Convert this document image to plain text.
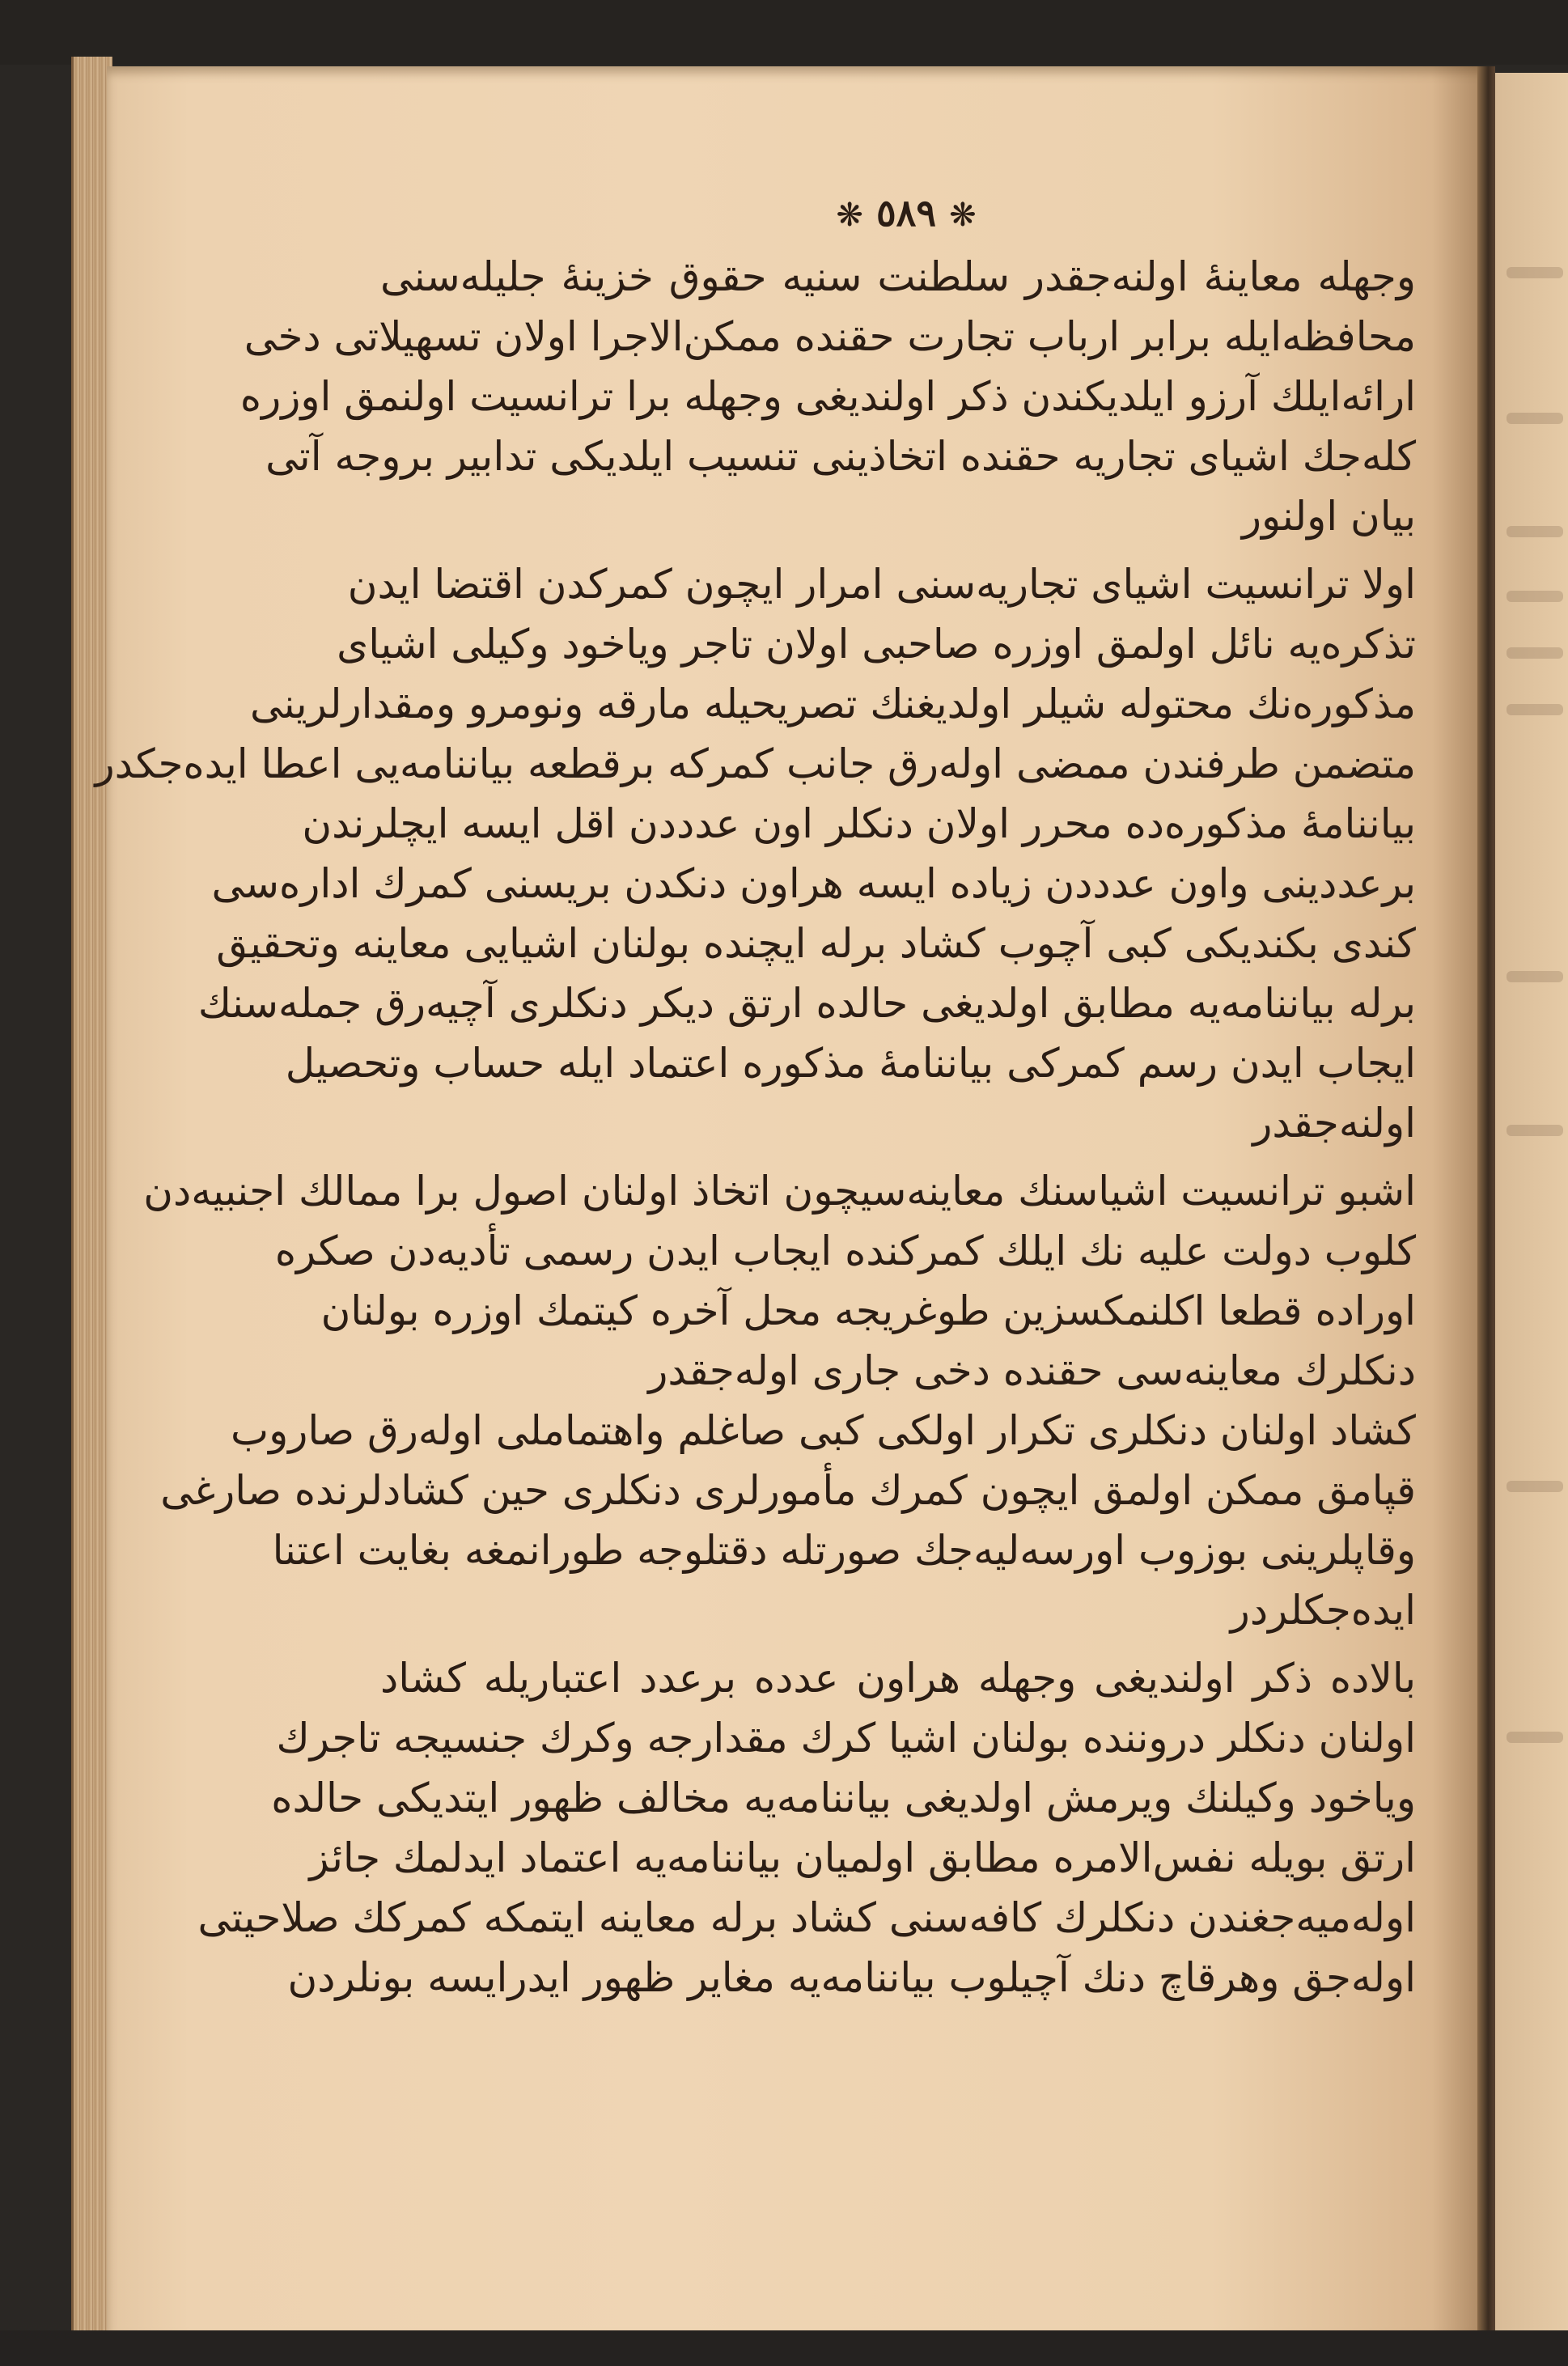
❋ ٥٨٩ ❋
وجهله معاینهٔ اولنه‌جقدر سلطنت سنیه حقوق خزینهٔ جلیله‌سنی
محافظه‌ایله برابر ارباب تجارت حقنده ممکن‌الاجرا اولان تسهیلاتی دخی
ارائه‌ایلك آرزو ایلدیکندن ذکر اولندیغی وجهله برا ترانسیت اولنمق اوزره
کله‌جك اشیای تجاریه حقنده اتخاذینی تنسیب ایلدیکی تدابیر بروجه آتی
بیان اولنور
اولا ترانسیت اشیای تجاریه‌سنی امرار ایچون کمرکدن اقتضا ایدن
تذکره‌یه نائل اولمق اوزره صاحبی اولان تاجر ویاخود وکیلی اشیای
مذکوره‌نك محتوله شیلر اولدیغنك تصریحیله مارقه ونومرو ومقدارلرینی
متضمن طرفندن ممضی اوله‌رق جانب کمرکه برقطعه بیاننامه‌یی اعطا ایده‌جکدر
بیاننامهٔ مذکوره‌ده محرر اولان دنکلر اون عدددن اقل ایسه ایچلرندن
برعددینی واون عدددن زیاده ایسه هراون دنکدن بریسنی کمرك اداره‌سی
کندی بکندیکی کبی آچوب کشاد برله ایچنده بولنان اشیایی معاینه وتحقیق
برله بیاننامه‌یه مطابق اولدیغی حالده ارتق دیکر دنکلری آچیه‌رق جمله‌سنك
ایجاب ایدن رسم کمرکی بیاننامهٔ مذکوره اعتماد ایله حساب وتحصیل
اولنه‌جقدر
اشبو ترانسیت اشیاسنك معاینه‌سیچون اتخاذ اولنان اصول برا ممالك اجنبیه‌دن
کلوب دولت علیه نك ایلك کمرکنده ایجاب ایدن رسمی تأدیه‌دن صکره
اوراده قطعا اکلنمکسزین طوغریجه محل آخره کیتمك اوزره بولنان
دنکلرك معاینه‌سی حقنده دخی جاری اوله‌جقدر
کشاد اولنان دنکلری تکرار اولکی کبی صاغلم واهتماملی اوله‌رق صاروب
قپامق ممکن اولمق ایچون کمرك مأمورلری دنکلری حین کشادلرنده صارغی
وقاپلرینی بوزوب اورسه‌لیه‌جك صورتله دقتلوجه طورانمغه بغایت اعتنا
ایده‌جکلردر
بالاده ذکر اولندیغی وجهله هراون عدده برعدد اعتباریله کشاد
اولنان دنکلر دروننده بولنان اشیا کرك مقدارجه وکرك جنسیجه تاجرك
ویاخود وکیلنك ویرمش اولدیغی بیاننامه‌یه مخالف ظهور ایتدیکی حالده
ارتق بویله نفس‌الامره مطابق اولمیان بیاننامه‌یه اعتماد ایدلمك جائز
اوله‌میه‌جغندن دنکلرك کافه‌سنی کشاد برله معاینه ایتمکه کمرکك صلاحیتی
اوله‌جق وهرقاچ دنك آچیلوب بیاننامه‌یه مغایر ظهور ایدرایسه بونلردن
